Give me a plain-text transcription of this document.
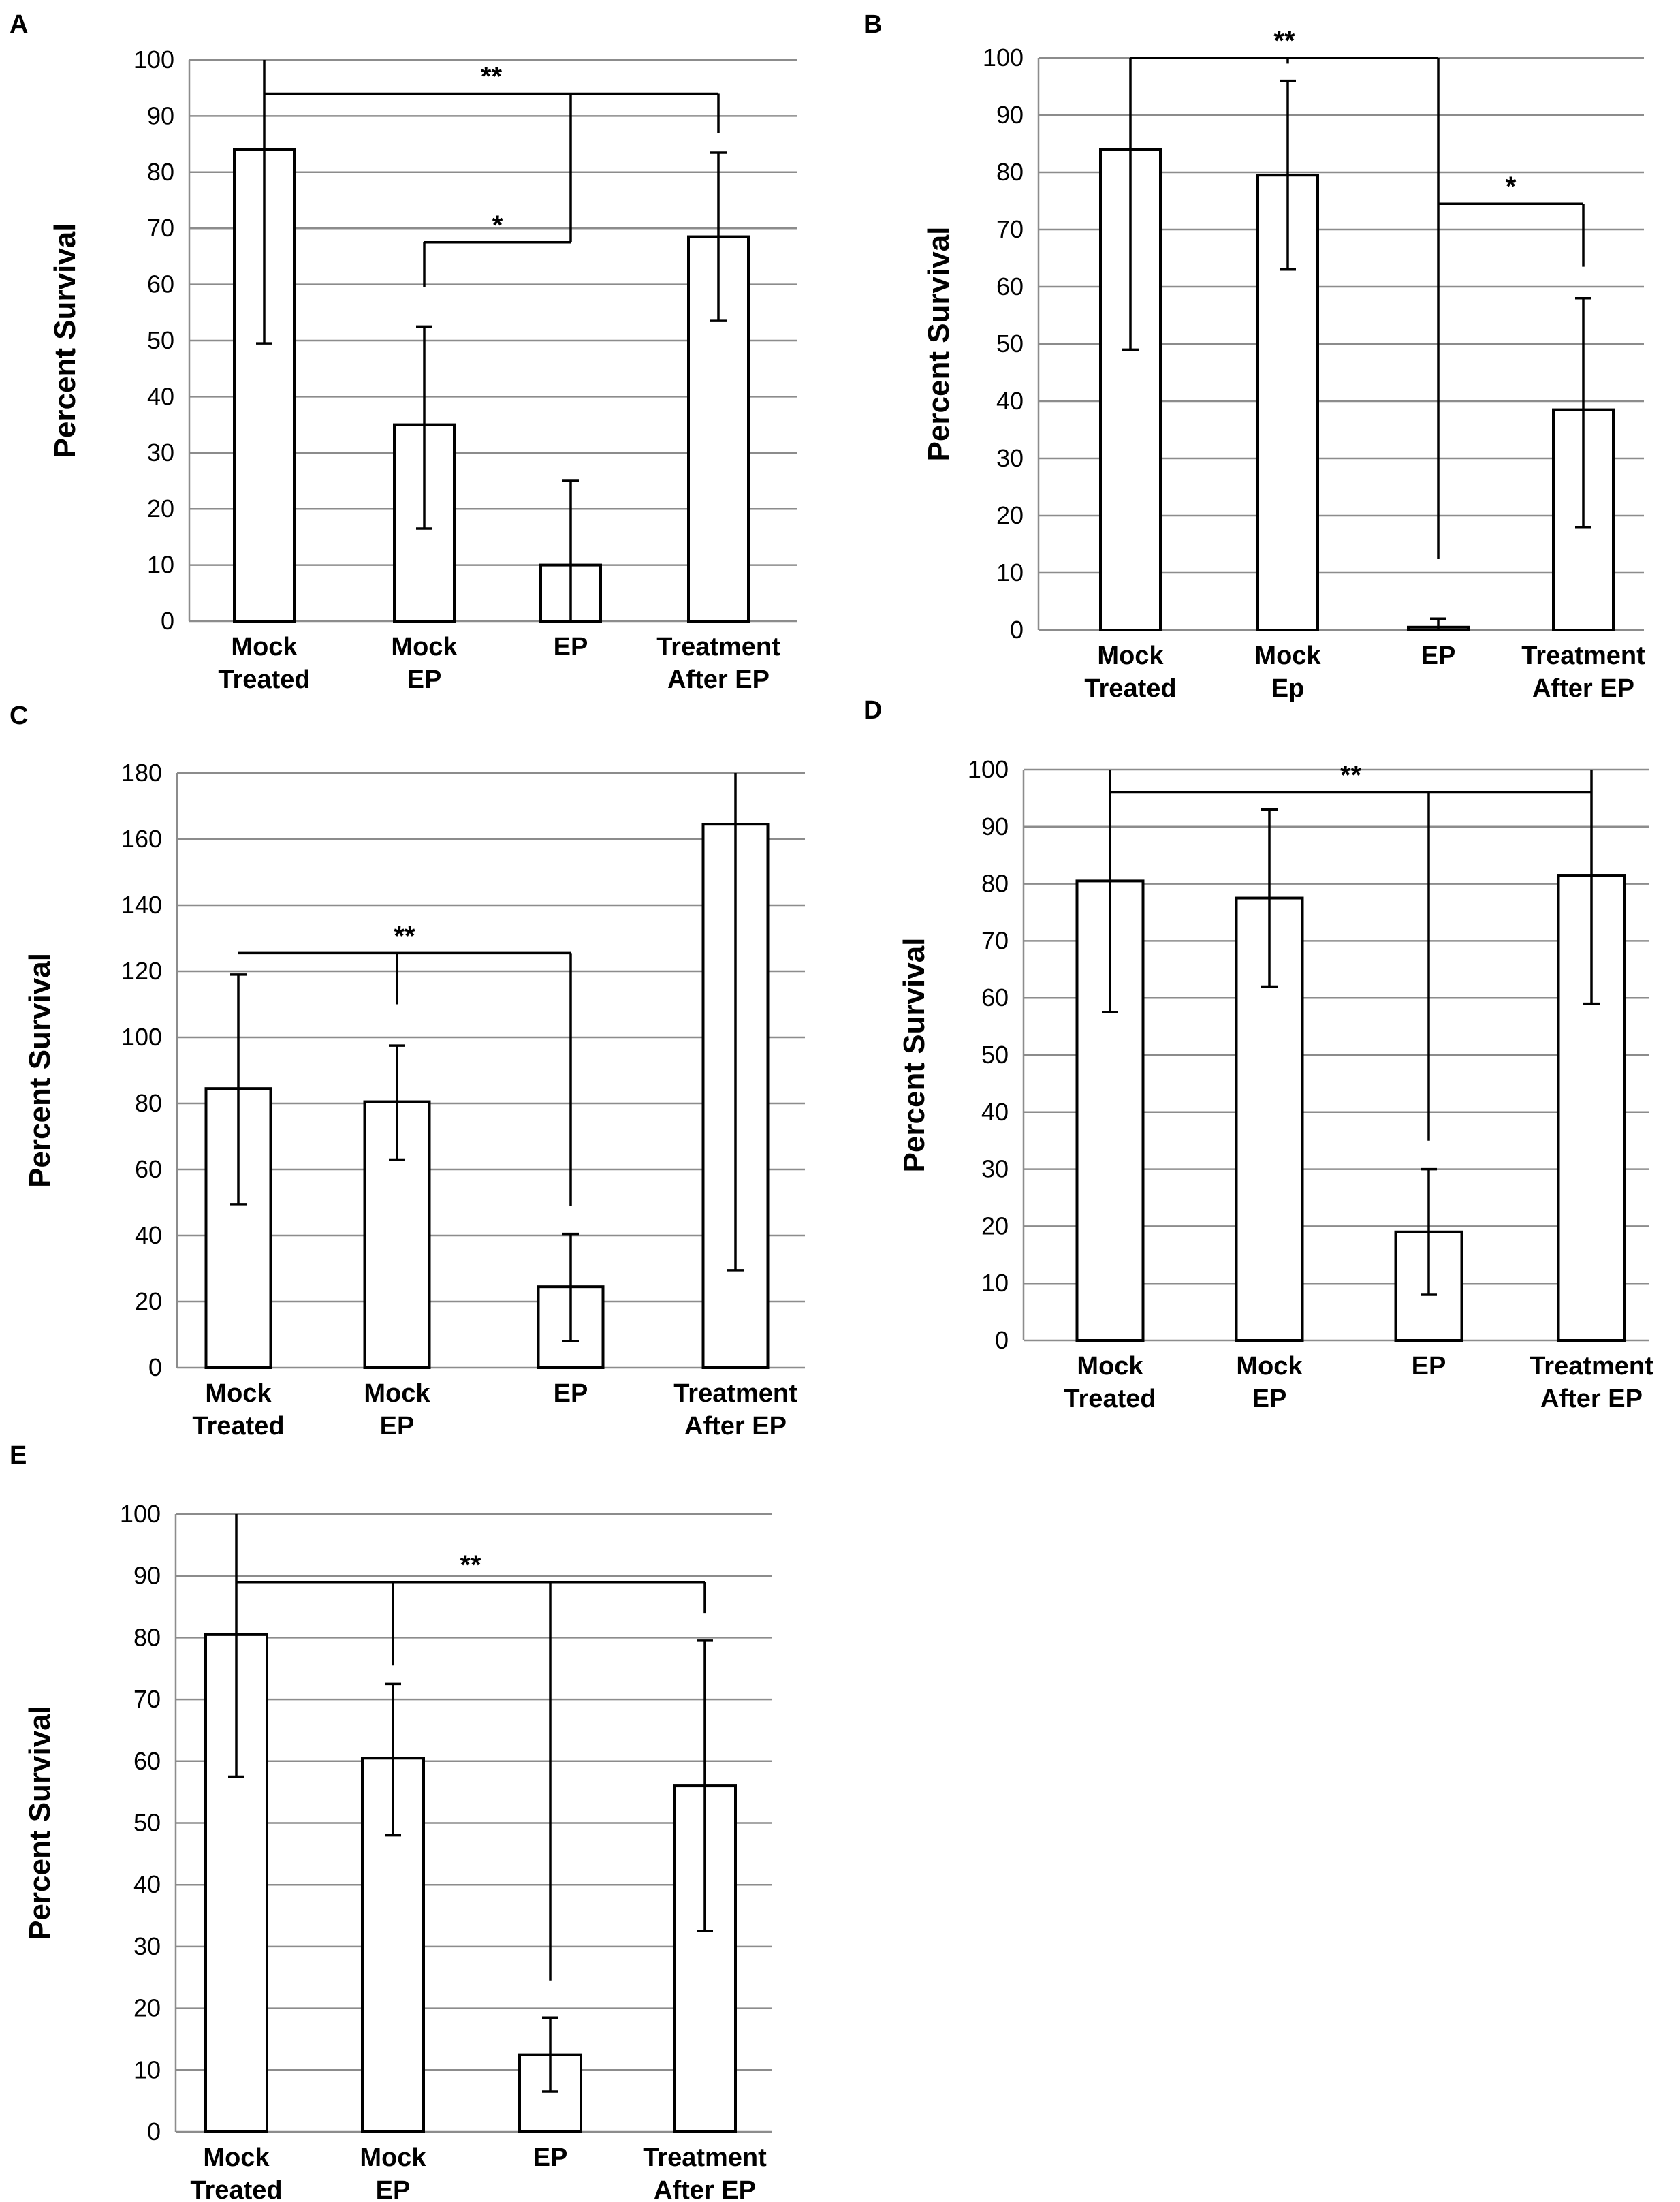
A
0
10
20
30
40
50
60
70
80
90
100
Percent Survival
Mock
Treated
Mock
EP
EP	Treatment
After EP
*
**
B
0
10
20
30
40
50
60
70
80
90
100
Percent Survival
Mock
Treated
Mock
Ep
EP	Treatment
After EP
**
*
C
0
20
40
60
80
100
120
140
160
180
Percent Survival
Mock
Treated
Mock
EP
EP	Treatment
After EP
**
D
0
10
20
30
40
50
60
70
80
90
100
Percent Survival
Mock
Treated
Mock
EP
EP	Treatment
After EP
**
E
0
10
20
30
40
50
60
70
80
90
100
Percent Survival
Mock
Treated
Mock
EP
EP	Treatment
After EP
**
